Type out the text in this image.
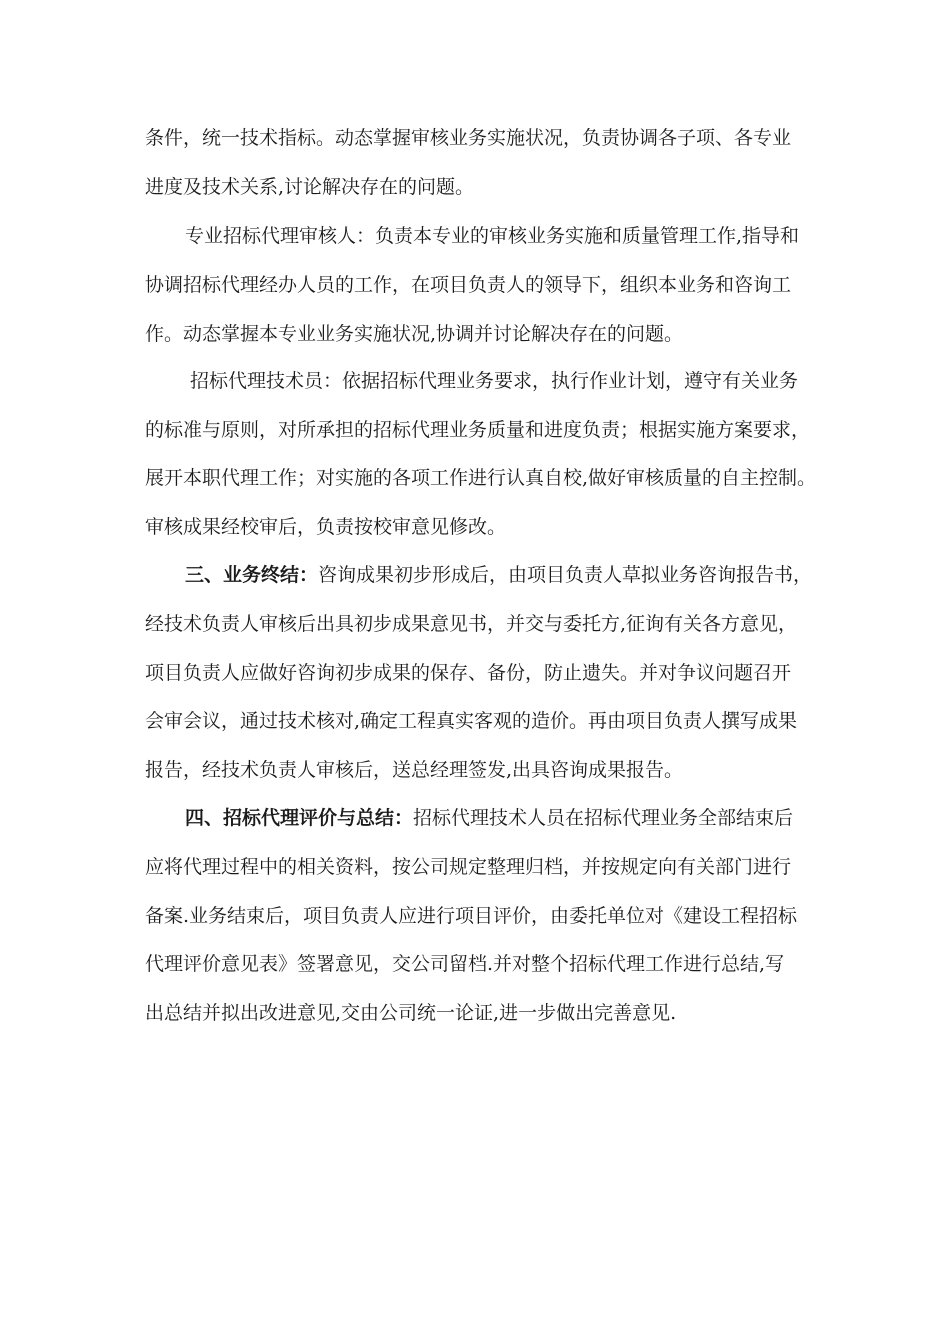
条件，统一技术指标。动态掌握审核业务实施状况，负责协调各子项、各专业
进度及技术关系,讨论解决存在的问题。
专业招标代理审核人：负责本专业的审核业务实施和质量管理工作,指导和
协调招标代理经办人员的工作，在项目负责人的领导下，组织本业务和咨询工
作。动态掌握本专业业务实施状况,协调并讨论解决存在的问题。
招标代理技术员：依据招标代理业务要求，执行作业计划，遵守有关业务
的标准与原则，对所承担的招标代理业务质量和进度负责；根据实施方案要求，
展开本职代理工作；对实施的各项工作进行认真自校,做好审核质量的自主控制。
审核成果经校审后，负责按校审意见修改。
三、业务终结：咨询成果初步形成后，由项目负责人草拟业务咨询报告书，
经技术负责人审核后出具初步成果意见书，并交与委托方,征询有关各方意见，
项目负责人应做好咨询初步成果的保存、备份，防止遗失。并对争议问题召开
会审会议，通过技术核对,确定工程真实客观的造价。再由项目负责人撰写成果
报告，经技术负责人审核后，送总经理签发,出具咨询成果报告。
四、招标代理评价与总结：招标代理技术人员在招标代理业务全部结束后
应将代理过程中的相关资料，按公司规定整理归档，并按规定向有关部门进行
备案.业务结束后，项目负责人应进行项目评价，由委托单位对《建设工程招标
代理评价意见表》签署意见，交公司留档.并对整个招标代理工作进行总结,写
出总结并拟出改进意见,交由公司统一论证,进一步做出完善意见.
